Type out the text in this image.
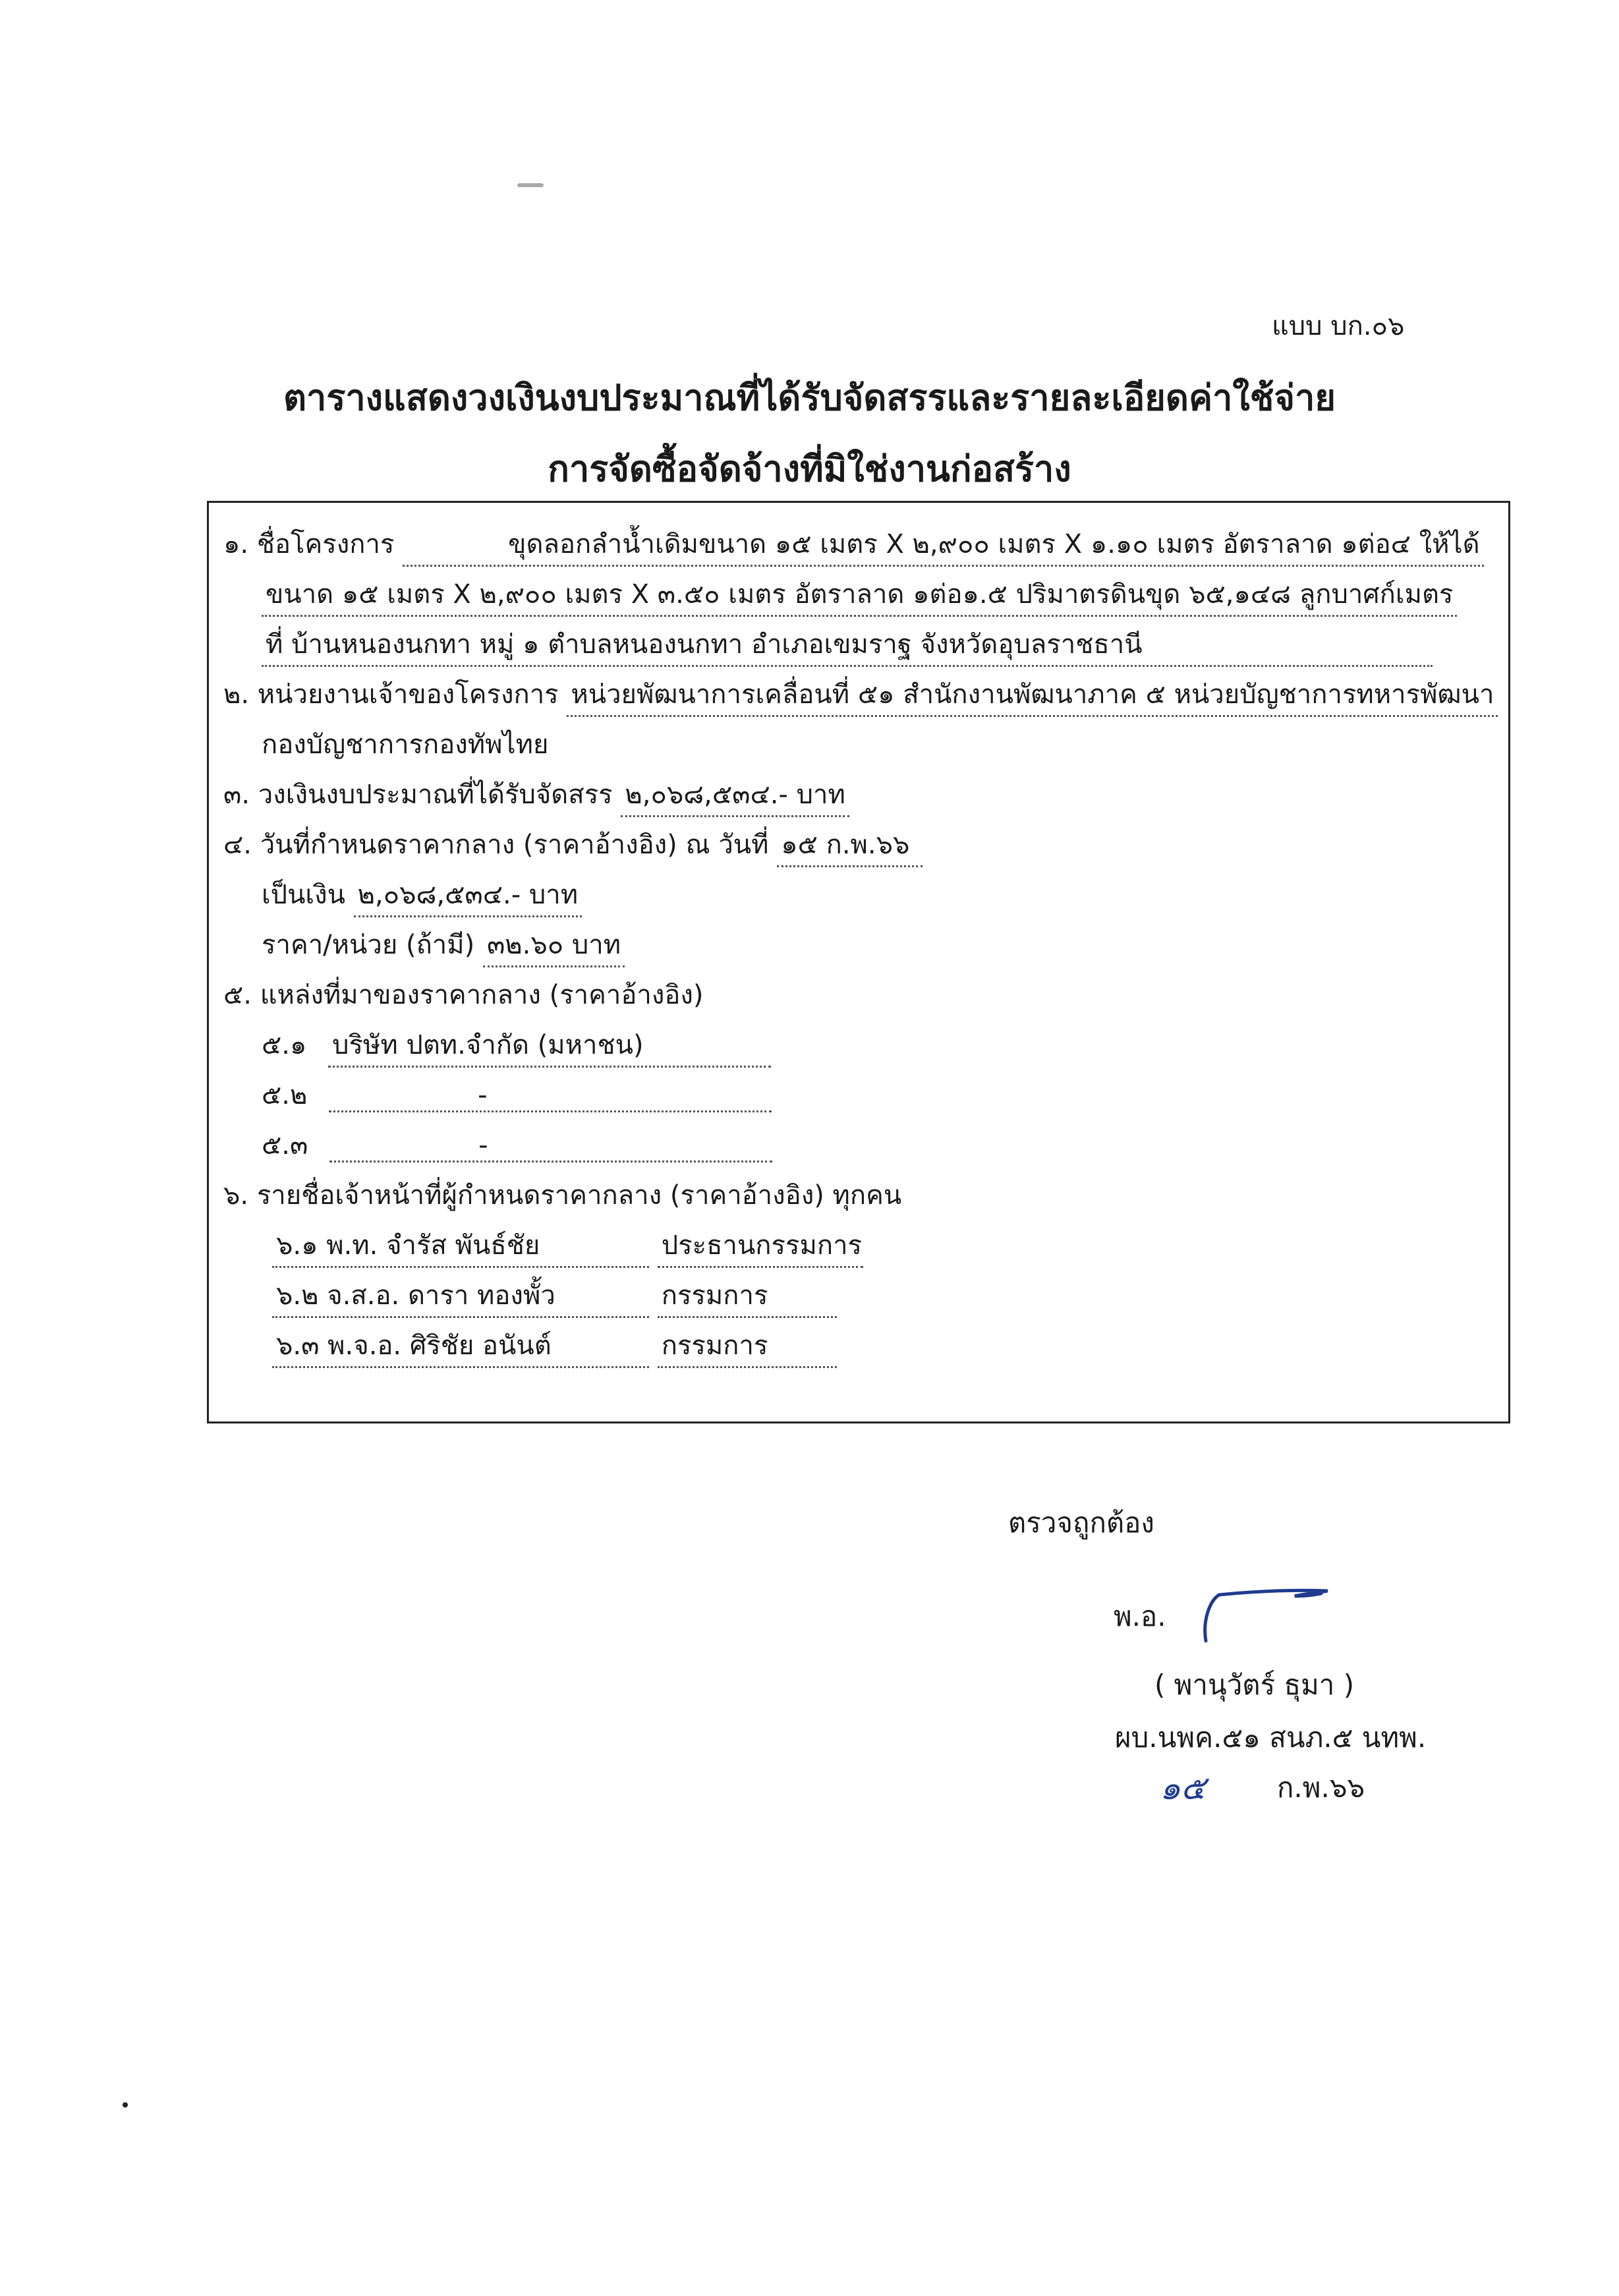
แบบ บก.๐๖
ตารางแสดงวงเงินงบประมาณที่ได้รับจัดสรรและรายละเอียดค่าใช้จ่าย
การจัดซื้อจัดจ้างที่มิใช่งานก่อสร้าง
๑. ชื่อโครงการ	ขุดลอกลำน้ำเดิมขนาด ๑๕ เมตร X ๒,๙๐๐ เมตร X ๑.๑๐ เมตร อัตราลาด ๑ต่อ๔ ให้ได้
ขนาด ๑๕ เมตร X ๒,๙๐๐ เมตร X ๓.๕๐ เมตร อัตราลาด ๑ต่อ๑.๕ ปริมาตรดินขุด ๖๕,๑๔๘ ลูกบาศก์เมตร
ที่ บ้านหนองนกทา หมู่ ๑ ตำบลหนองนกทา อำเภอเขมราฐ จังหวัดอุบลราชธานี
๒. หน่วยงานเจ้าของโครงการ หน่วยพัฒนาการเคลื่อนที่ ๕๑ สำนักงานพัฒนาภาค ๕ หน่วยบัญชาการทหารพัฒนา
กองบัญชาการกองทัพไทย
๓. วงเงินงบประมาณที่ได้รับจัดสรร ๒,๐๖๘,๕๓๔.- บาท
๔. วันที่กำหนดราคากลาง (ราคาอ้างอิง) ณ วันที่ ๑๕ ก.พ.๖๖
เป็นเงิน ๒,๐๖๘,๕๓๔.- บาท
ราคา/หน่วย (ถ้ามี) ๓๒.๖๐ บาท
๕. แหล่งที่มาของราคากลาง (ราคาอ้างอิง)
๕.๑ บริษัท ปตท.จำกัด (มหาชน)
๕.๒	-
๕.๓	-
๖. รายชื่อเจ้าหน้าที่ผู้กำหนดราคากลาง (ราคาอ้างอิง) ทุกคน
๖.๑ พ.ท. จำรัส พันธ์ชัย	ประธานกรรมการ
๖.๒ จ.ส.อ. ดารา ทองพั้ว	กรรมการ
๖.๓ พ.จ.อ. ศิริชัย อนันต์	กรรมการ
ตรวจถูกต้อง
พ.อ.
( พานุวัตร์ ธุมา )
ผบ.นพค.๕๑ สนภ.๕ นทพ.
๑๕	ก.พ.๖๖
